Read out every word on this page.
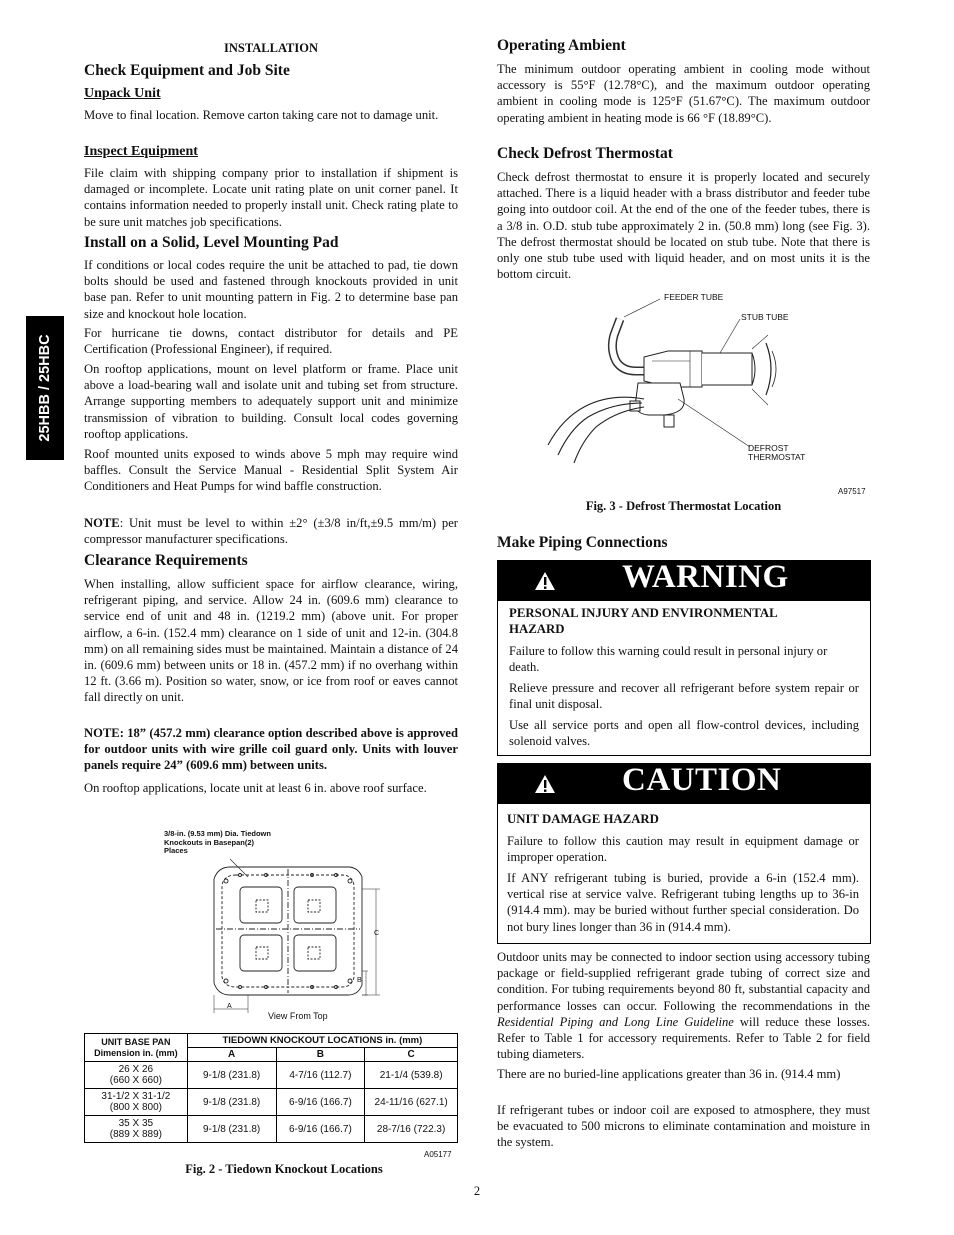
INSTALLATION
25HBB / 25HBC
Check Equipment and Job Site
Unpack Unit

Move to final location. Remove carton taking care not to damage unit.

Inspect Equipment

File claim with shipping company prior to installation if shipment is damaged or incomplete. Locate unit rating plate on unit corner panel. It contains information needed to properly install unit. Check rating plate to be sure unit matches job specifications.

Install on a Solid, Level Mounting Pad

If conditions or local codes require the unit be attached to pad, tie down bolts should be used and fastened through knockouts provided in unit base pan. Refer to unit mounting pattern in Fig. 2 to determine base pan size and knockout hole location.

For hurricane tie downs, contact distributor for details and PE Certification (Professional Engineer), if required.

On rooftop applications, mount on level platform or frame. Place unit above a load-bearing wall and isolate unit and tubing set from structure. Arrange supporting members to adequately support unit and minimize transmission of vibration to building. Consult local codes governing rooftop applications.

Roof mounted units exposed to winds above 5 mph may require wind baffles. Consult the Service Manual - Residential Split System Air Conditioners and Heat Pumps for wind baffle construction.

NOTE: Unit must be level to within ±2° (±3/8 in/ft,±9.5 mm/m) per compressor manufacturer specifications.

Clearance Requirements

When installing, allow sufficient space for airflow clearance, wiring, refrigerant piping, and service. Allow 24 in. (609.6 mm) clearance to service end of unit and 48 in. (1219.2 mm) (above unit. For proper airflow, a 6-in. (152.4 mm) clearance on 1 side of unit and 12-in. (304.8 mm) on all remaining sides must be maintained. Maintain a distance of 24 in. (609.6 mm) between units or 18 in. (457.2 mm) if no overhang within 12 ft. (3.66 m). Position so water, snow, or ice from roof or eaves cannot fall directly on unit.

NOTE: 18” (457.2 mm) clearance option described above is approved for outdoor units with wire grille coil guard only. Units with louver panels require 24” (609.6 mm) between units.

On rooftop applications, locate unit at least 6 in. above roof surface.

3/8-in. (9.53 mm) Dia. Tiedown Knockouts in Basepan(2) Places
A
B
C
View From Top
UNIT BASE PAN Dimension in. (mm)	TIEDOWN KNOCKOUT LOCATIONS in. (mm)		
	A	B	C
26 X 26
(660 X 660)	9-1/8 (231.8)	4-7/16 (112.7)	21-1/4 (539.8)
31-1/2 X 31-1/2
(800 X 800)	9-1/8 (231.8)	6-9/16 (166.7)	24-11/16 (627.1)
35 X 35
(889 X 889)	9-1/8 (231.8)	6-9/16 (166.7)	28-7/16 (722.3)
A05177
Fig. 2 - Tiedown Knockout Locations
Operating Ambient

The minimum outdoor operating ambient in cooling mode without accessory is 55°F (12.78°C), and the maximum outdoor operating ambient in cooling mode is 125°F (51.67°C). The maximum outdoor operating ambient in heating mode is 66 °F (18.89°C).

Check Defrost Thermostat

Check defrost thermostat to ensure it is properly located and securely attached. There is a liquid header with a brass distributor and feeder tube going into outdoor coil. At the end of the one of the feeder tubes, there is a 3/8 in. O.D. stub tube approximately 2 in. (50.8 mm) long (see Fig. 3). The defrost thermostat should be located on stub tube. Note that there is only one stub tube used with liquid header, and on most units it is the bottom circuit.

FEEDER TUBE
STUB TUBE
DEFROST
THERMOSTAT
A97517
Fig. 3 - Defrost Thermostat Location
Make Piping Connections
WARNING
PERSONAL INJURY AND ENVIRONMENTAL HAZARD

Failure to follow this warning could result in personal injury or death.

Relieve pressure and recover all refrigerant before system repair or final unit disposal.

Use all service ports and open all flow-control devices, including solenoid valves.

CAUTION
UNIT DAMAGE HAZARD

Failure to follow this caution may result in equipment damage or improper operation.

If ANY refrigerant tubing is buried, provide a 6-in (152.4 mm). vertical rise at service valve. Refrigerant tubing lengths up to 36-in (914.4 mm). may be buried without further special consideration. Do not bury lines longer than 36 in (914.4 mm).

Outdoor units may be connected to indoor section using accessory tubing package or field-supplied refrigerant grade tubing of correct size and condition. For tubing requirements beyond 80 ft, substantial capacity and performance losses can occur. Following the recommendations in the Residential Piping and Long Line Guideline will reduce these losses. Refer to Table 1 for accessory requirements. Refer to Table 2 for field tubing diameters.

There are no buried-line applications greater than 36 in. (914.4 mm)

If refrigerant tubes or indoor coil are exposed to atmosphere, they must be evacuated to 500 microns to eliminate contamination and moisture in the system.

2
